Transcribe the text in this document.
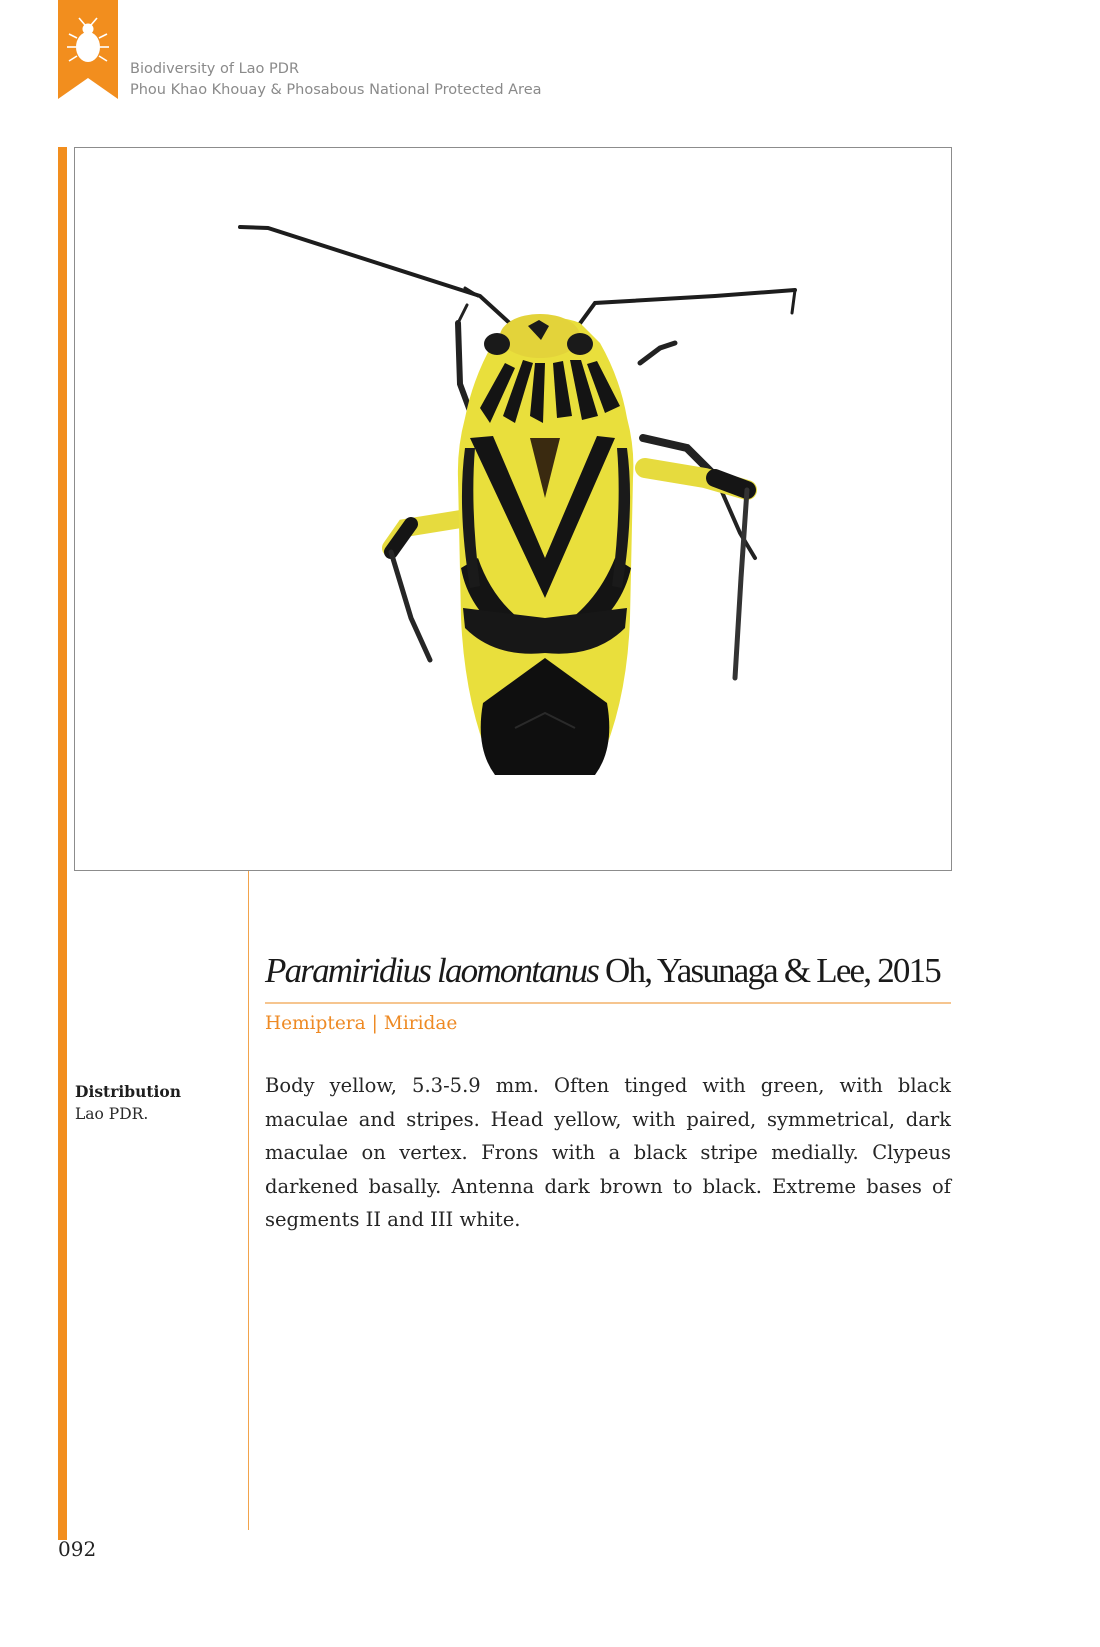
Biodiversity of Lao PDR
Phou Khao Khouay & Phosabous National Protected Area
Paramiridius laomontanus Oh, Yasunaga & Lee, 2015
Hemiptera | Miridae
Distribution
Lao PDR.
Body yellow, 5.3-5.9 mm. Often tinged with green, with black maculae and stripes. Head yellow, with paired, symmetrical, dark maculae on vertex. Frons with a black stripe medially. Clypeus darkened basally. Antenna dark brown to black. Extreme bases of segments II and III white.
092
